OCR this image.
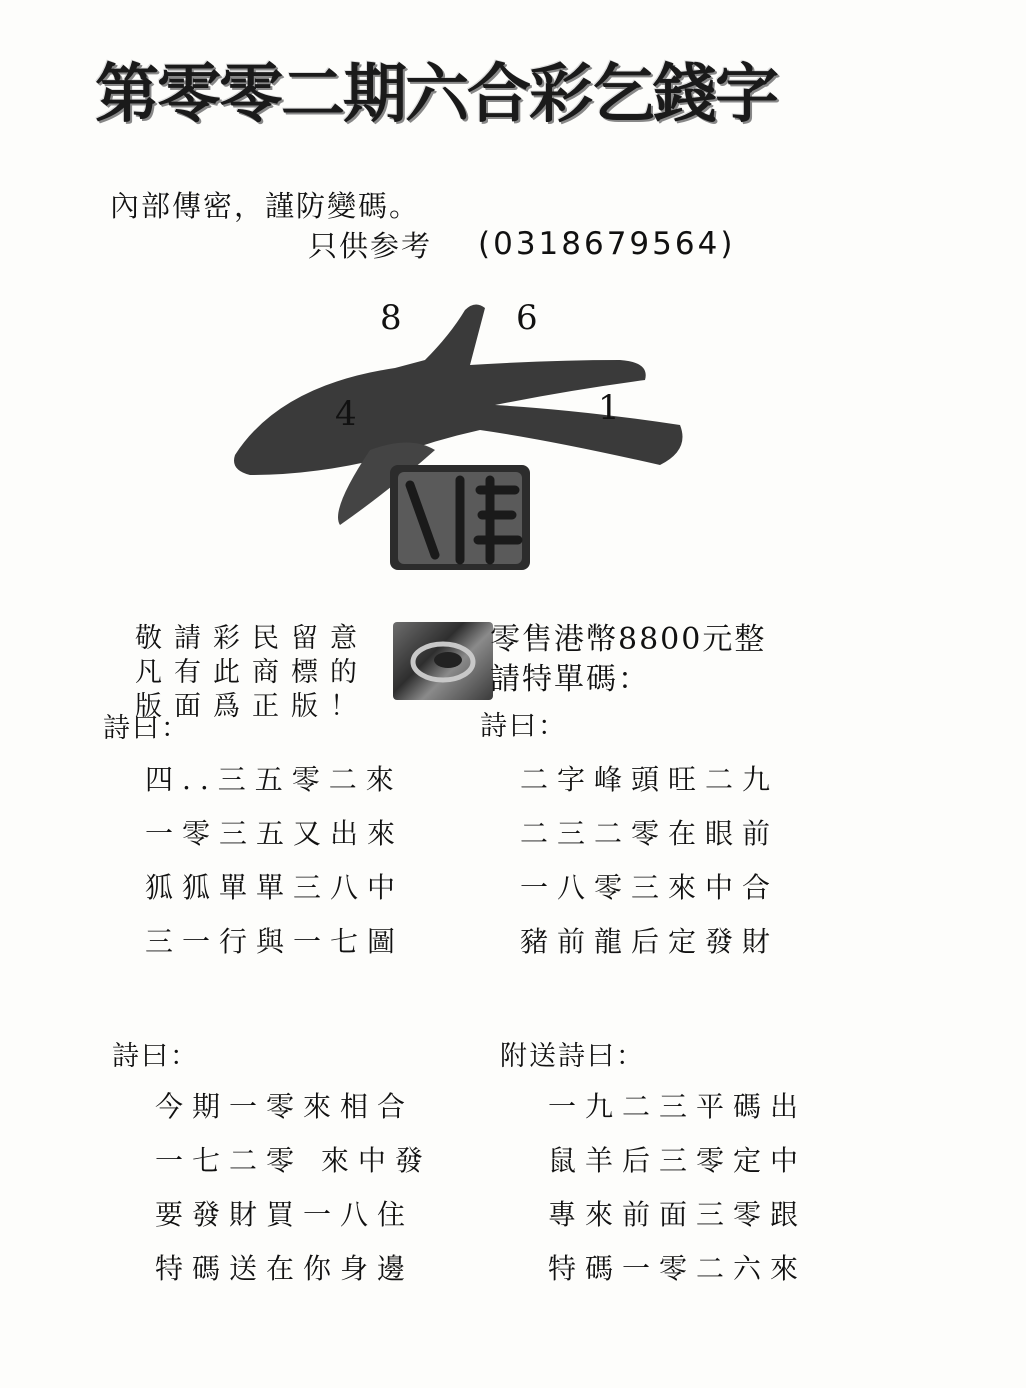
第零零二期六合彩乞錢字
內部傳密，謹防變碼。
只供参考 (0318679564)
8	6
4	1
敬請彩民留意
凡有此商標的
版面爲正版！
零售港幣8800元整
請特單碼：
詩曰：
四..三五零二來
一零三五又出來
狐狐單單三八中
三一行與一七圖
詩曰：
二字峰頭旺二九
二三二零在眼前
一八零三來中合
豬前龍后定發財
詩曰：
今期一零來相合
一七二零 來中發
要發財買一八住
特碼送在你身邊
附送詩曰：
一九二三平碼出
鼠羊后三零定中
專來前面三零跟
特碼一零二六來
